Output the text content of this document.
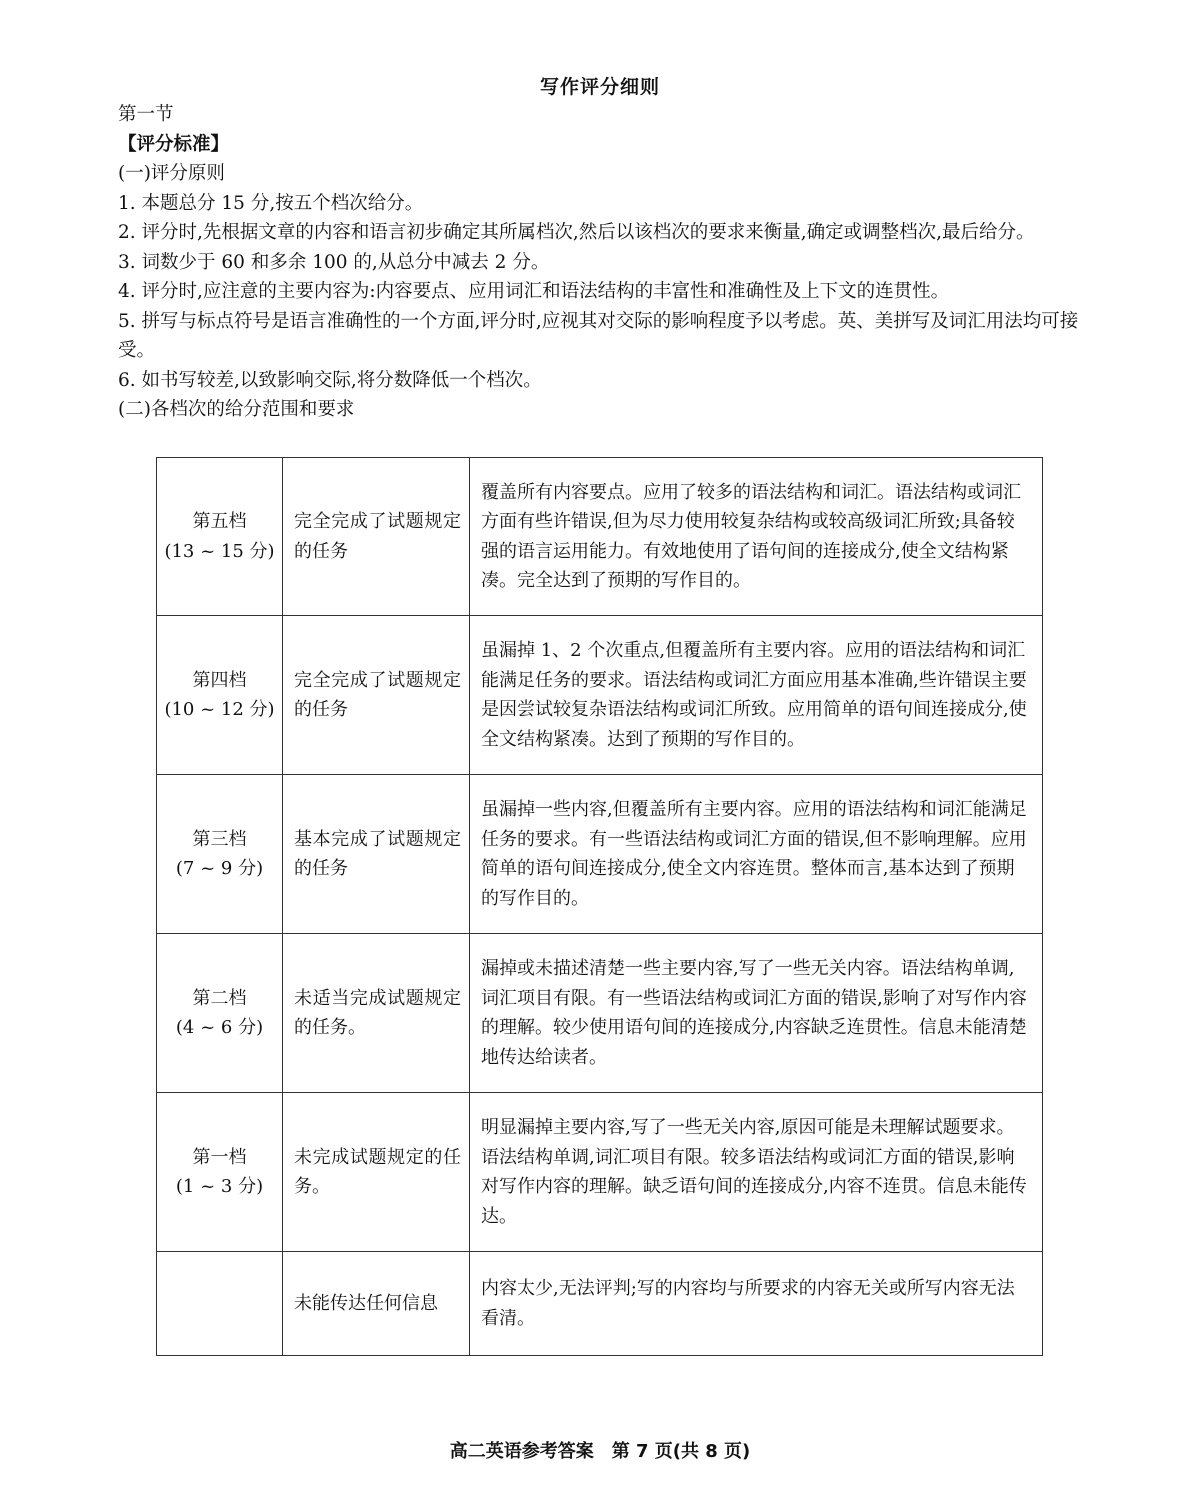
写作评分细则

第一节

【评分标准】

(一)评分原则

1. 本题总分 15 分,按五个档次给分。

2. 评分时,先根据文章的内容和语言初步确定其所属档次,然后以该档次的要求来衡量,确定或调整档次,最后给分。

3. 词数少于 60 和多余 100 的,从总分中减去 2 分。

4. 评分时,应注意的主要内容为:内容要点、应用词汇和语法结构的丰富性和准确性及上下文的连贯性。

5. 拼写与标点符号是语言准确性的一个方面,评分时,应视其对交际的影响程度予以考虑。英、美拼写及词汇用法均可接受。

6. 如书写较差,以致影响交际,将分数降低一个档次。

(二)各档次的给分范围和要求

第五档
(13 ~ 15 分)	完全完成了试题规定的任务	覆盖所有内容要点。应用了较多的语法结构和词汇。语法结构或词汇方面有些许错误,但为尽力使用较复杂结构或较高级词汇所致;具备较强的语言运用能力。有效地使用了语句间的连接成分,使全文结构紧凑。完全达到了预期的写作目的。

第四档
(10 ~ 12 分)	完全完成了试题规定的任务	虽漏掉 1、2 个次重点,但覆盖所有主要内容。应用的语法结构和词汇能满足任务的要求。语法结构或词汇方面应用基本准确,些许错误主要是因尝试较复杂语法结构或词汇所致。应用简单的语句间连接成分,使全文结构紧凑。达到了预期的写作目的。

第三档
(7 ~ 9 分)	基本完成了试题规定的任务	虽漏掉一些内容,但覆盖所有主要内容。应用的语法结构和词汇能满足任务的要求。有一些语法结构或词汇方面的错误,但不影响理解。应用简单的语句间连接成分,使全文内容连贯。整体而言,基本达到了预期的写作目的。

第二档
(4 ~ 6 分)	未适当完成试题规定的任务。	漏掉或未描述清楚一些主要内容,写了一些无关内容。语法结构单调,词汇项目有限。有一些语法结构或词汇方面的错误,影响了对写作内容的理解。较少使用语句间的连接成分,内容缺乏连贯性。信息未能清楚地传达给读者。

第一档
(1 ~ 3 分)	未完成试题规定的任务。	明显漏掉主要内容,写了一些无关内容,原因可能是未理解试题要求。语法结构单调,词汇项目有限。较多语法结构或词汇方面的错误,影响对写作内容的理解。缺乏语句间的连接成分,内容不连贯。信息未能传达。

	未能传达任何信息	内容太少,无法评判;写的内容均与所要求的内容无关或所写内容无法看清。
高二英语参考答案　第 7 页(共 8 页)
